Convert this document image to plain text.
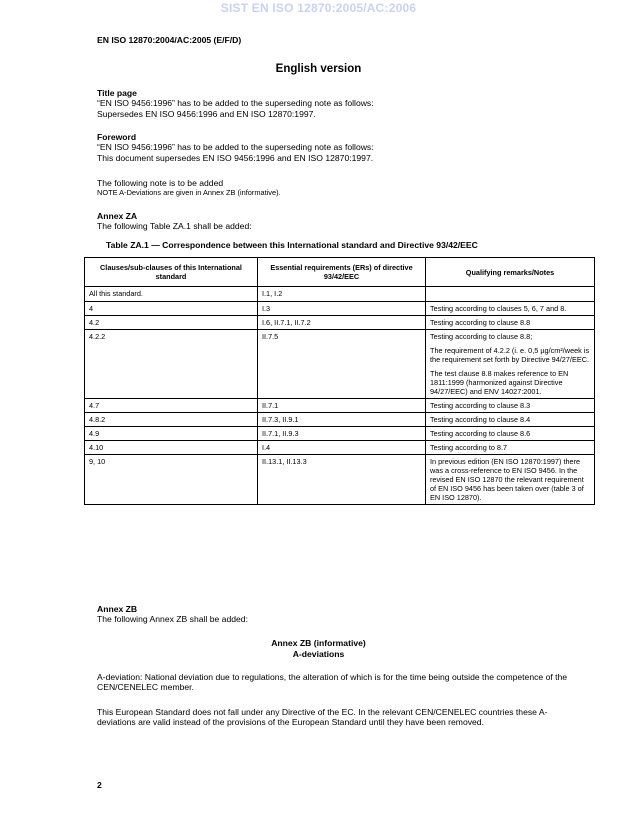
SIST EN ISO 12870:2005/AC:2006
EN ISO 12870:2004/AC:2005 (E/F/D)
English version
Title page
“EN ISO 9456:1996” has to be added to the superseding note as follows:
Supersedes EN ISO 9456:1996 and EN ISO 12870:1997.
Foreword
“EN ISO 9456:1996” has to be added to the superseding note as follows:
This document supersedes EN ISO 9456:1996 and EN ISO 12870:1997.
The following note is to be added
NOTE A-Deviations are given in Annex ZB (informative).
Annex ZA
The following Table ZA.1 shall be added:
Table ZA.1 — Correspondence between this International standard and Directive 93/42/EEC
Clauses/sub-clauses of this International standard	Essential requirements (ERs) of directive 93/42/EEC	Qualifying remarks/Notes
All this standard.	I.1, I.2	

4	I.3	Testing according to clauses 5, 6, 7 and 8.

4.2	I.6, II.7.1, II.7.2	Testing according to clause 8.8

4.2.2	II.7.5	Testing according to clause 8.8;

The requirement of 4.2.2 (i. e. 0,5 µg/cm²/week is the requirement set forth by Directive 94/27/EEC.

The test clause 8.8 makes reference to EN 1811:1999 (harmonized against Directive 94/27/EEC) and ENV 14027:2001.

4.7	II.7.1	Testing according to clause 8.3

4.8.2	II.7.3, II.9.1	Testing according to clause 8.4

4.9	II.7.1, II.9.3	Testing according to clause 8.6

4.10	I.4	Testing according to 8.7

9, 10	II.13.1, II.13.3	In previous edition (EN ISO 12870:1997) there was a cross-reference to EN ISO 9456. In the revised EN ISO 12870 the relevant requirement of EN ISO 9456 has been taken over (table 3 of EN ISO 12870).

Annex ZB
The following Annex ZB shall be added:
Annex ZB (informative)
A-deviations
A-deviation: National deviation due to regulations, the alteration of which is for the time being outside the competence of the CEN/CENELEC member.
This European Standard does not fall under any Directive of the EC. In the relevant CEN/CENELEC countries these A-deviations are valid instead of the provisions of the European Standard until they have been removed.
2
